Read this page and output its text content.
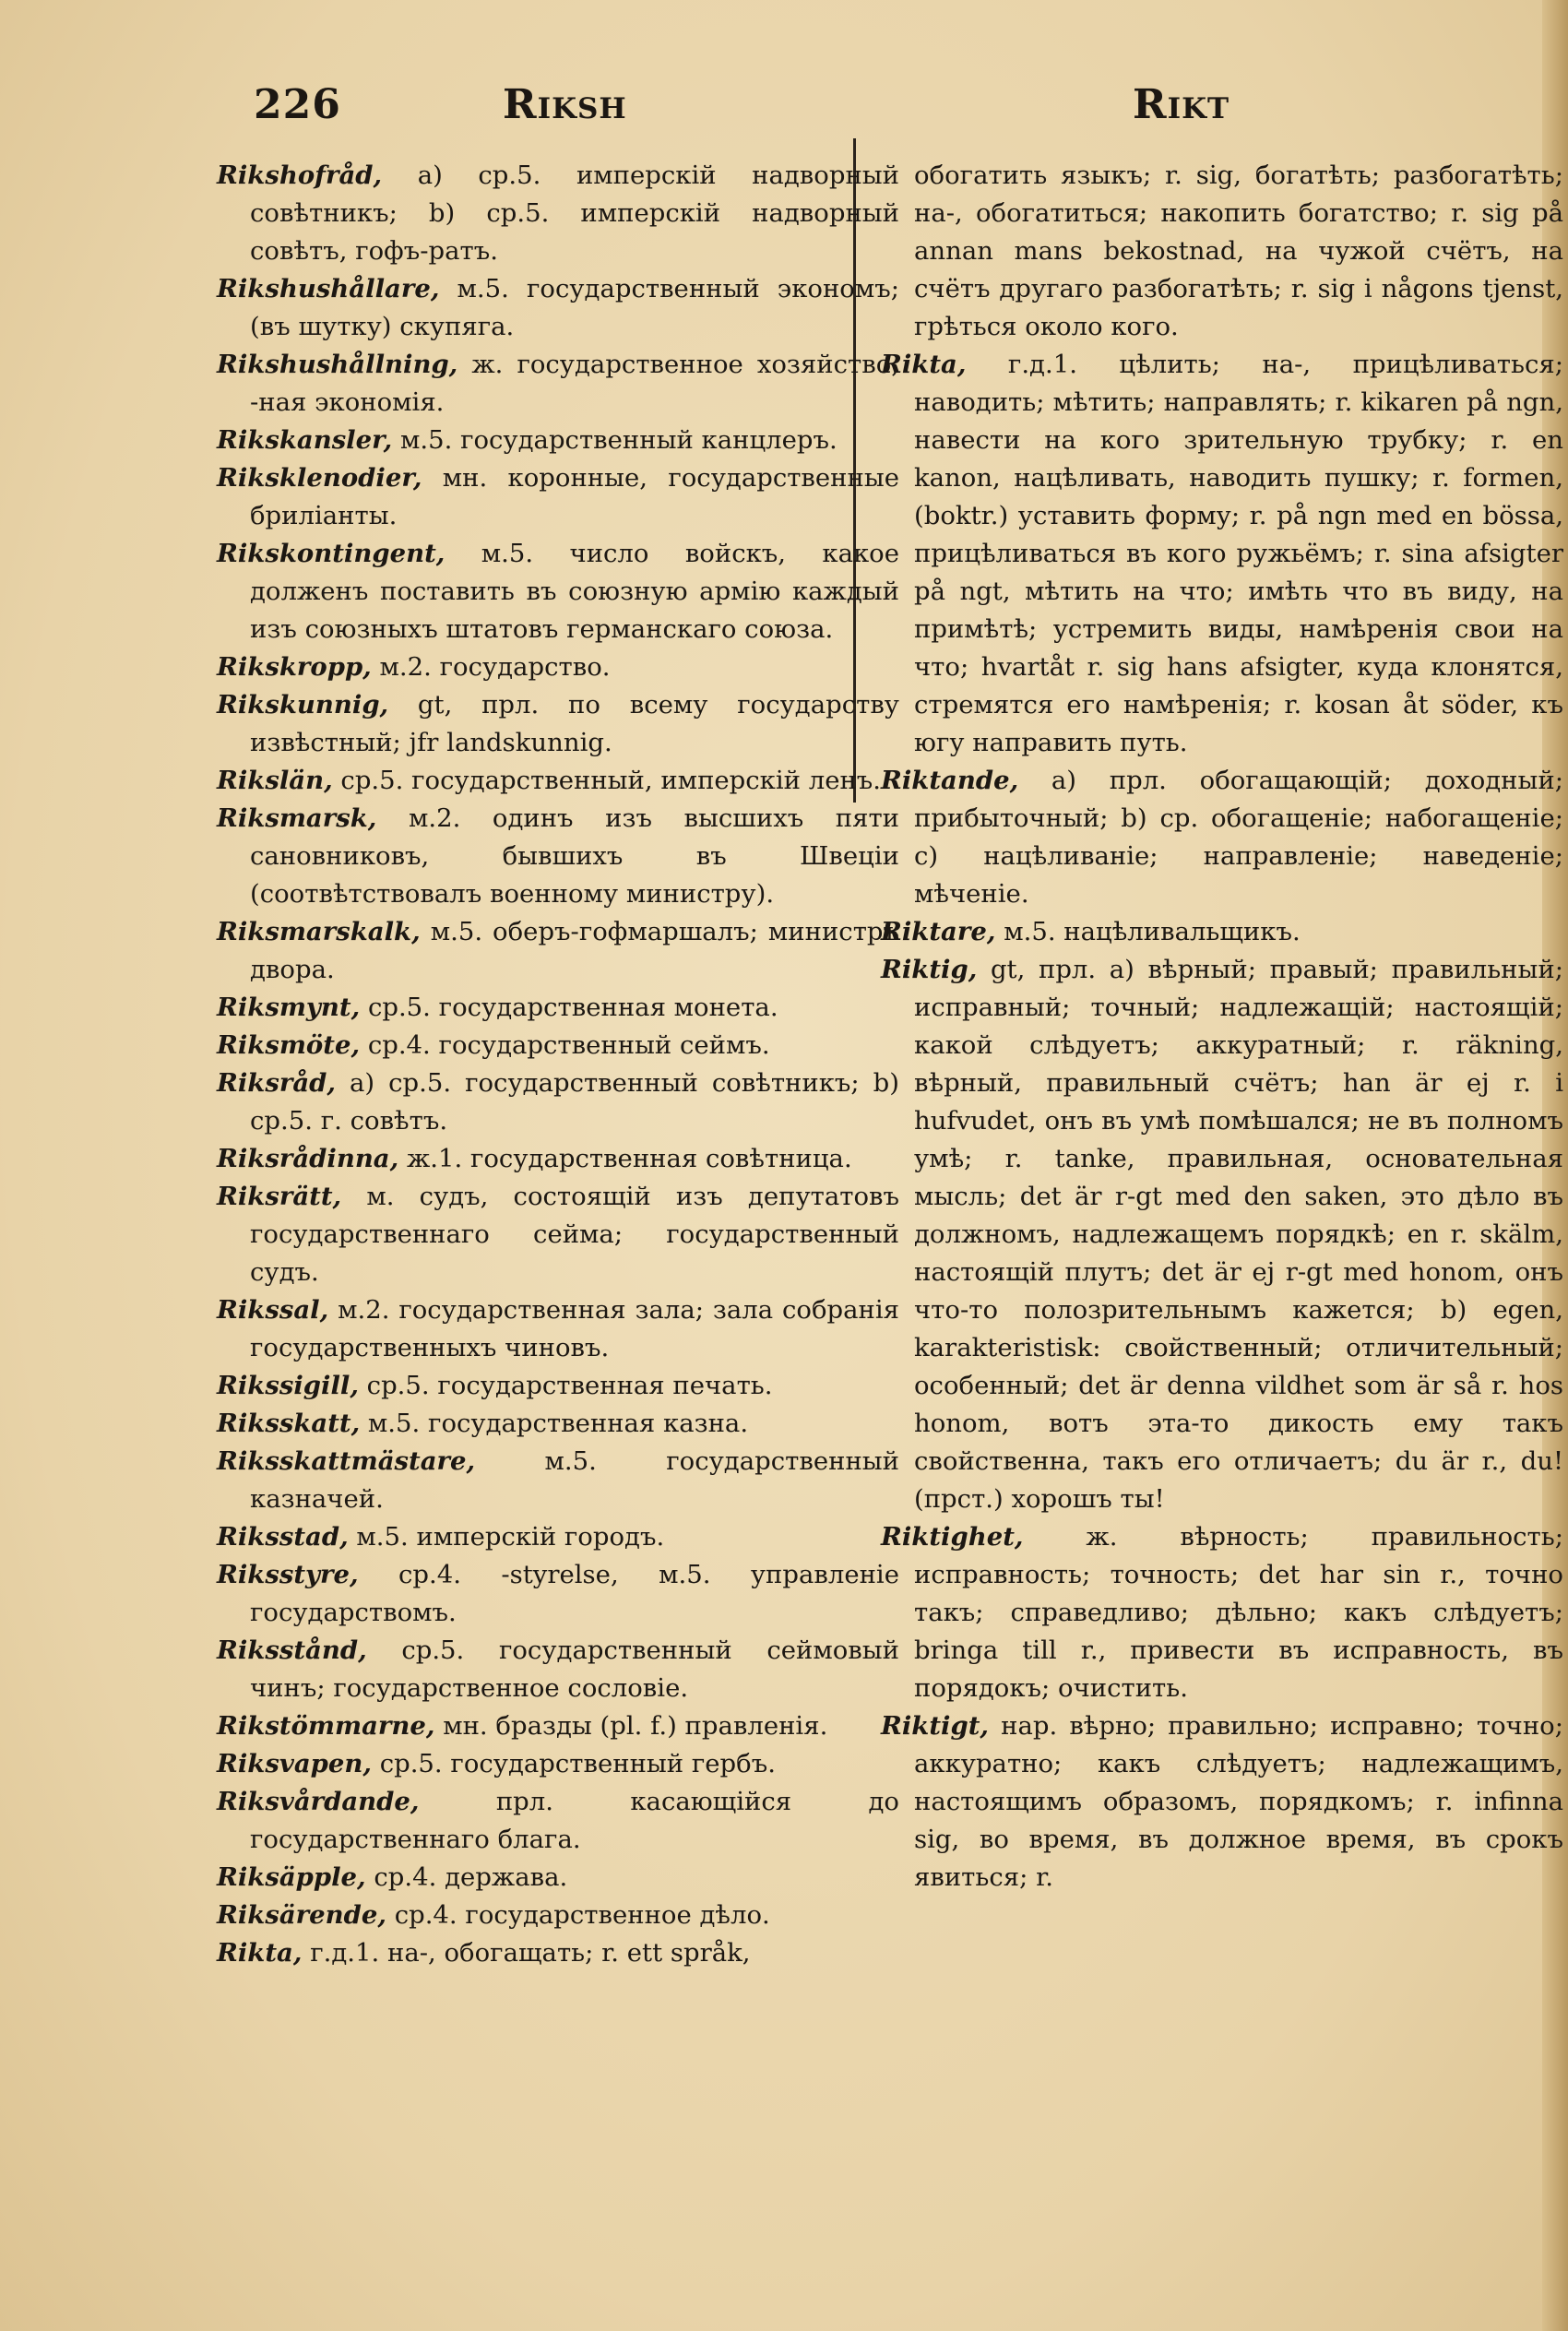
226	Riksh	Rikt

Rikshofråd, a) ср.5. имперскій надворный совѣтникъ; b) ср.5. имперскій надворный совѣтъ, гофъ-ратъ.

Rikshushållare, м.5. государственный экономъ; (въ шутку) скупяга.

Rikshushållning, ж. государственное хозяйство, -ная экономія.

Rikskansler, м.5. государственный канцлеръ.

Riksklenodier, мн. коронные, государственные бриліанты.

Rikskontingent, м.5. число войскъ, какое долженъ поставить въ союзную армію каждый изъ союзныхъ штатовъ германскаго союза.

Rikskropp, м.2. государство.

Rikskunnig, gt, прл. по всему государству извѣстный; jfr landskunnig.

Rikslän, ср.5. государственный, имперскій ленъ.

Riksmarsk, м.2. одинъ изъ высшихъ пяти сановниковъ, бывшихъ въ Швеціи (соотвѣтствовалъ военному министру).

Riksmarskalk, м.5. оберъ-гофмаршалъ; министръ двора.

Riksmynt, ср.5. государственная монета.

Riksmöte, ср.4. государственный сеймъ.

Riksråd, a) ср.5. государственный совѣтникъ; b) ср.5. г. совѣтъ.

Riksrådinna, ж.1. государственная совѣтница.

Riksrätt, м. судъ, состоящій изъ депутатовъ государственнаго сейма; государственный судъ.

Rikssal, м.2. государственная зала; зала собранія государственныхъ чиновъ.

Rikssigill, ср.5. государственная печать.

Riksskatt, м.5. государственная казна.

Riksskattmästare,	м.5. государственный казначей.

Riksstad, м.5. имперскій городъ.

Riksstyre, ср.4. -styrelse, м.5. управленіе государствомъ.

Riksstånd, ср.5. государственный сеймовый чинъ; государственное сословіе.

Rikstömmarne, мн. бразды (pl. f.) правленія.

Riksvapen, ср.5. государственный гербъ.

Riksvårdande,	прл. касающійся до государственнаго блага.

Riksäpple, ср.4. держава.

Riksärende, ср.4. государственное дѣло.

Rikta, г.д.1. на-, обогащать; r. ett språk,

обогатить языкъ; r. sig, богатѣть; разбогатѣть; на-, обогатиться; накопить богатство; r. sig på annan mans bekostnad, на чужой счётъ, на счётъ другаго разбогатѣть; r. sig i någons tjenst, грѣться около кого.

Rikta, г.д.1. цѣлить; на-, прицѣливаться; наводить; мѣтить; направлять; r. kikaren på ngn, навести на кого зрительную трубку; r. en kanon, нацѣливать, наводить пушку; r. formen, (boktr.) уставить форму; r. på ngn med en bössa, прицѣливаться въ кого ружьёмъ; r. sina afsigter på ngt, мѣтить на что; имѣть что въ виду, на примѣтѣ; устремить виды, намѣренія свои на что; hvartåt r. sig hans afsigter, куда клонятся, стремятся его намѣренія; r. kosan åt söder, къ югу направить путь.

Riktande, a) прл. обогащающій; доходный; прибыточный; b) ср. обогащеніе; набогащеніе; c) нацѣливаніе; направленіе; наведеніе; мѣченіе.

Riktare, м.5. нацѣливальщикъ.

Riktig, gt, прл. a) вѣрный; правый; правильный; исправный; точный; надлежащій; настоящій; какой слѣдуетъ; аккуратный; r. räkning, вѣрный, правильный счётъ; han är ej r. i hufvudet, онъ въ умѣ помѣшался; не въ полномъ умѣ; r. tanke, правильная, основательная мысль; det är r-gt med den saken, это дѣло въ должномъ, надлежащемъ порядкѣ; en r. skälm, настоящій плутъ; det är ej r-gt med honom, онъ что-то полозрительнымъ кажется; b) egen, karakteristisk: свойственный; отличительный; особенный; det är denna vildhet som är så r. hos honom, вотъ эта-то дикость ему такъ свойственна, такъ его отличаетъ; du är r., du! (прст.) хорошъ ты!

Riktighet, ж. вѣрность; правильность; исправность; точность; det har sin r., точно такъ; справедливо; дѣльно; какъ слѣдуетъ; bringa till r., привести въ исправность, въ порядокъ; очистить.

Riktigt, нар. вѣрно; правильно; исправно; точно; аккуратно; какъ слѣдуетъ; надлежащимъ, настоящимъ образомъ, порядкомъ; r. infinna sig, во время, въ должное время, въ срокъ явиться; r.
